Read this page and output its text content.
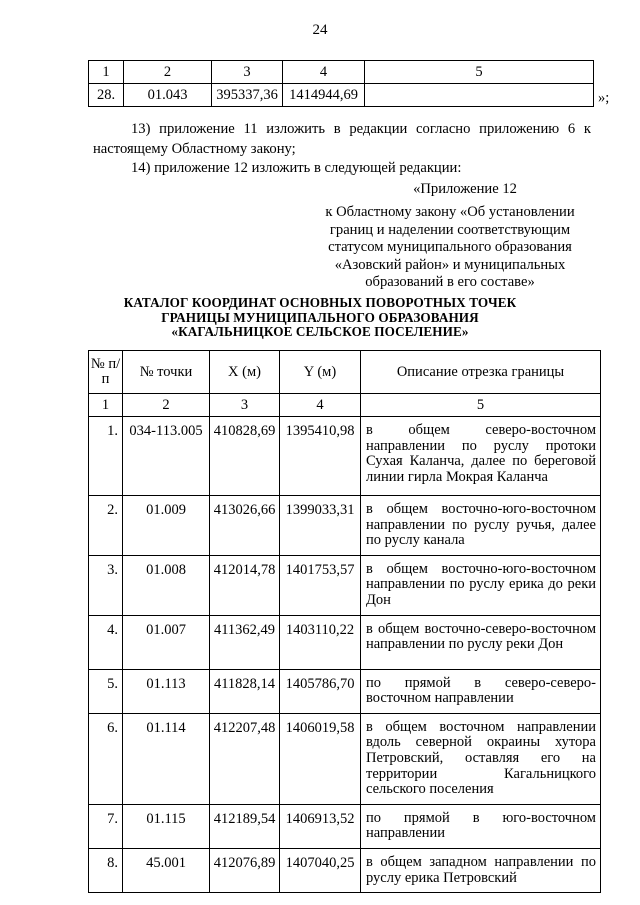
24
1	2	3	4	5
28.	01.043	395337,36	1414944,69		»;
13) приложение 11 изложить в редакции согласно приложению 6 к настоящему Областному закону;
14) приложение 12 изложить в следующей редакции:
«Приложение 12
к Областному закону «Об установлении
границ и наделении соответствующим
статусом муниципального образования
«Азовский район» и муниципальных
образований в его составе»
КАТАЛОГ КООРДИНАТ ОСНОВНЫХ ПОВОРОТНЫХ ТОЧЕК
ГРАНИЦЫ МУНИЦИПАЛЬНОГО ОБРАЗОВАНИЯ
«КАГАЛЬНИЦКОЕ СЕЛЬСКОЕ ПОСЕЛЕНИЕ»
№ п/п	№ точки	X (м)	Y (м)	Описание отрезка границы
1	2	3	4	5
1.	034-113.005	410828,69	1395410,98	в общем северо-восточном направлении по руслу протоки Сухая Каланча, далее по береговой линии гирла Мокрая Каланча
2.	01.009	413026,66	1399033,31	в общем восточно-юго-восточном направлении по руслу ручья, далее по руслу канала
3.	01.008	412014,78	1401753,57	в общем восточно-юго-восточном направлении по руслу ерика до реки Дон
4.	01.007	411362,49	1403110,22	в общем восточно-северо-восточном направлении по руслу реки Дон
5.	01.113	411828,14	1405786,70	по прямой в северо-северо-восточном направлении
6.	01.114	412207,48	1406019,58	в общем восточном направлении вдоль северной окраины хутора Петровский, оставляя его на территории Кагальницкого сельского поселения
7.	01.115	412189,54	1406913,52	по прямой в юго-восточном направлении
8.	45.001	412076,89	1407040,25	в общем западном направлении по руслу ерика Петровский
